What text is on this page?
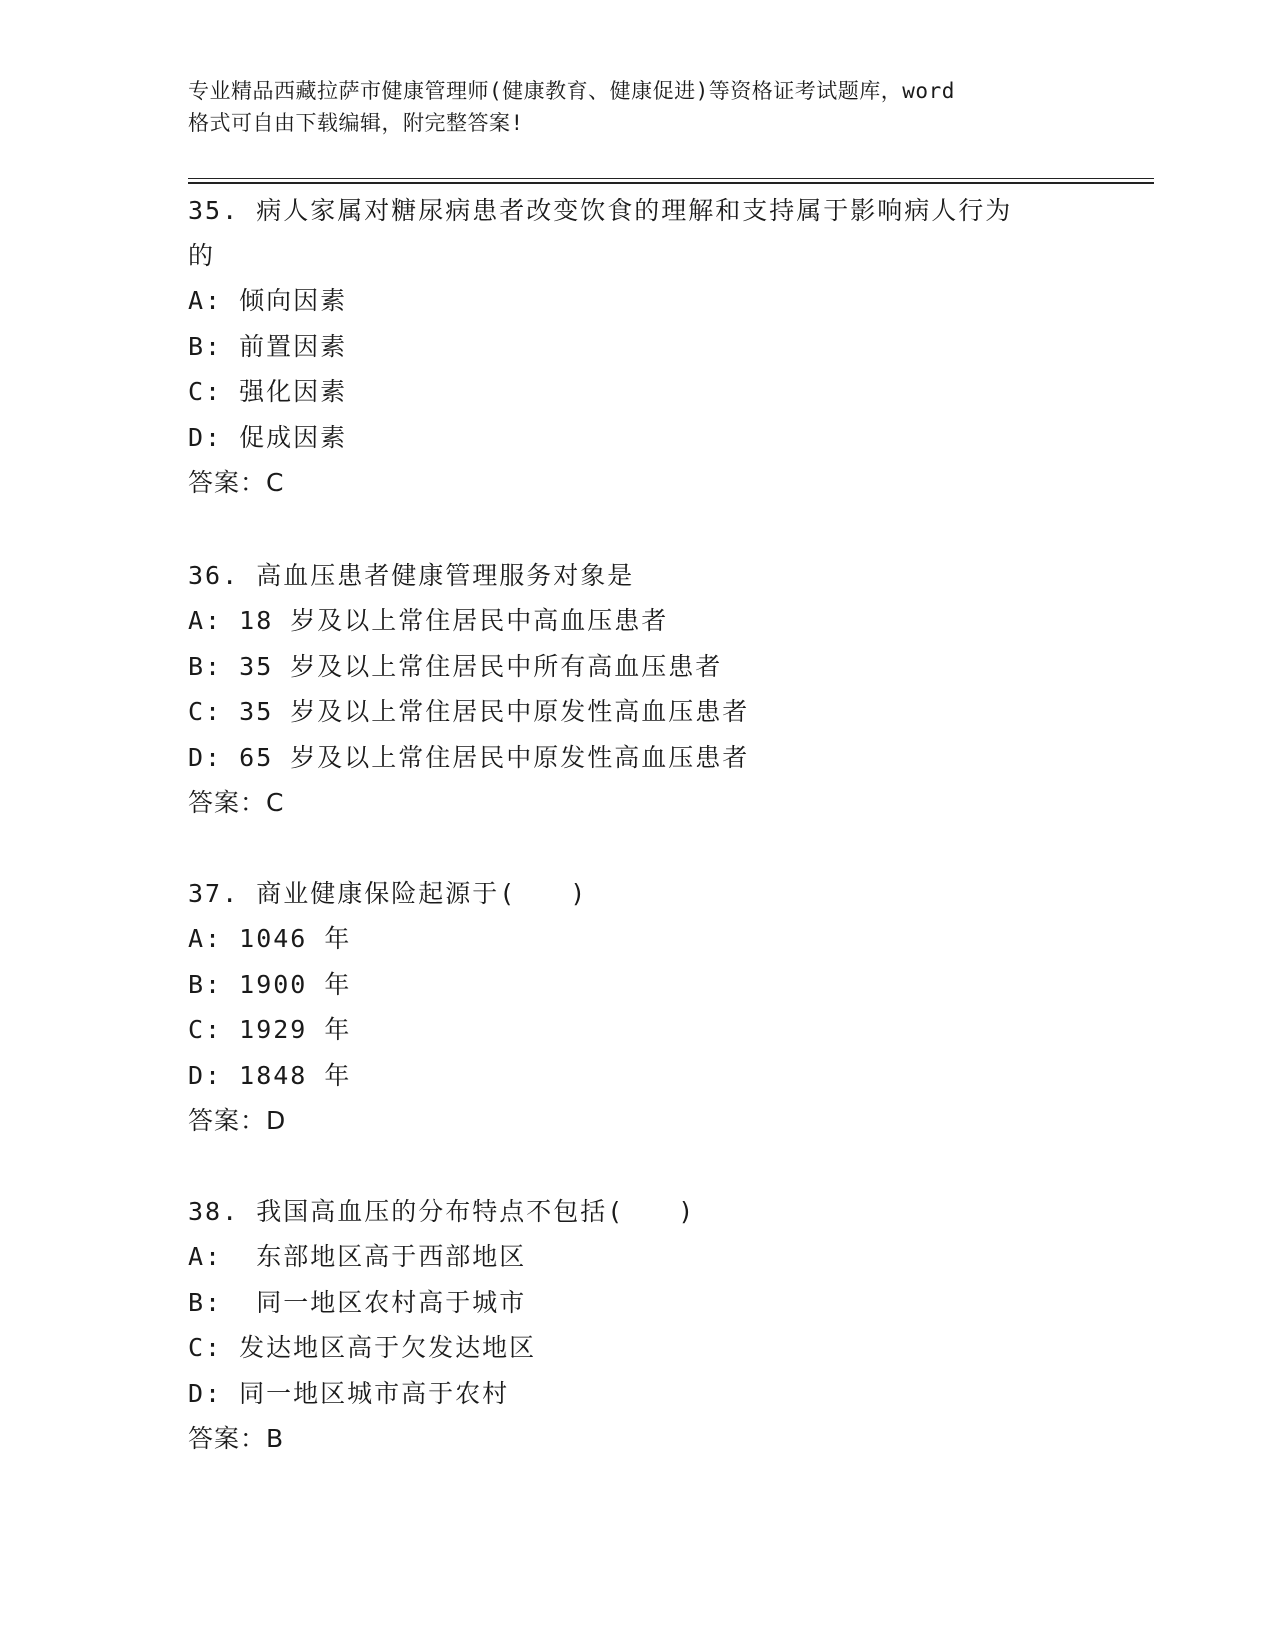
专业精品西藏拉萨市健康管理师(健康教育、健康促进)等资格证考试题库，word
格式可自由下载编辑，附完整答案!
35. 病人家属对糖尿病患者改变饮食的理解和支持属于影响病人行为
的
A: 倾向因素
B: 前置因素
C: 强化因素
D: 促成因素
答案：C
36. 高血压患者健康管理服务对象是
A: 18 岁及以上常住居民中高血压患者
B: 35 岁及以上常住居民中所有高血压患者
C: 35 岁及以上常住居民中原发性高血压患者
D: 65 岁及以上常住居民中原发性高血压患者
答案：C
37. 商业健康保险起源于(　　)
A: 1046 年
B: 1900 年
C: 1929 年
D: 1848 年
答案：D
38. 我国高血压的分布特点不包括(　　)
A:  东部地区高于西部地区
B:  同一地区农村高于城市
C: 发达地区高于欠发达地区
D: 同一地区城市高于农村
答案：B
